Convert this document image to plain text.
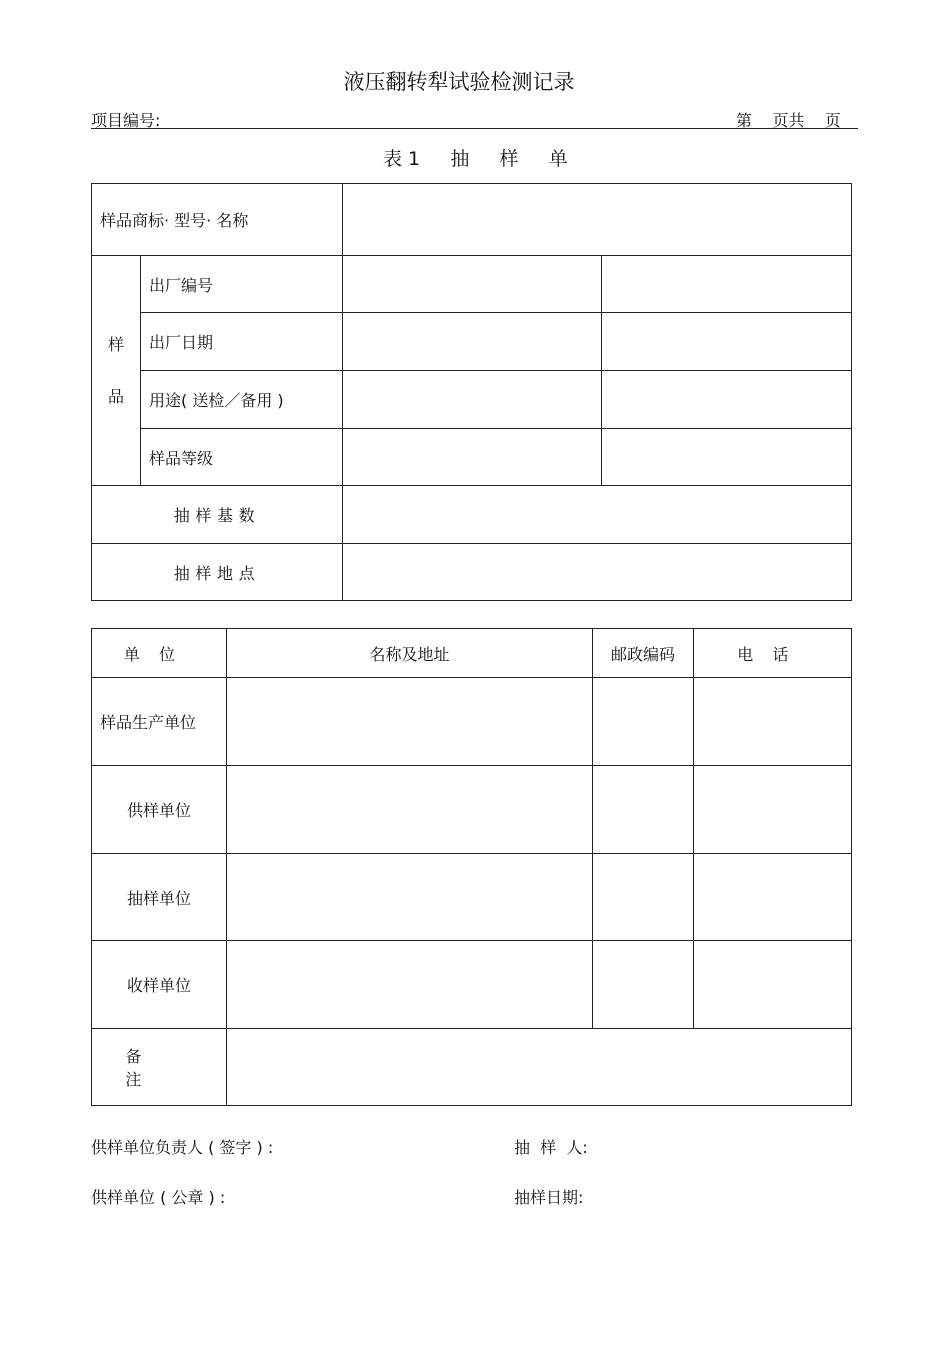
液压翻转犁试验检测记录
项目编号:	第    页共    页
表 1     抽     样     单
样品商标· 型号· 名称
样
品
出厂编号
出厂日期
用途( 送检／备用 )
样品等级
抽样基数
抽样地点
单位	名称及地址	邮政编码	电话
样品生产单位
供样单位
抽样单位
收样单位
备注
供样单位负责人 ( 签字 ) :	抽  样  人:
供样单位 ( 公章 ) :	抽样日期:
